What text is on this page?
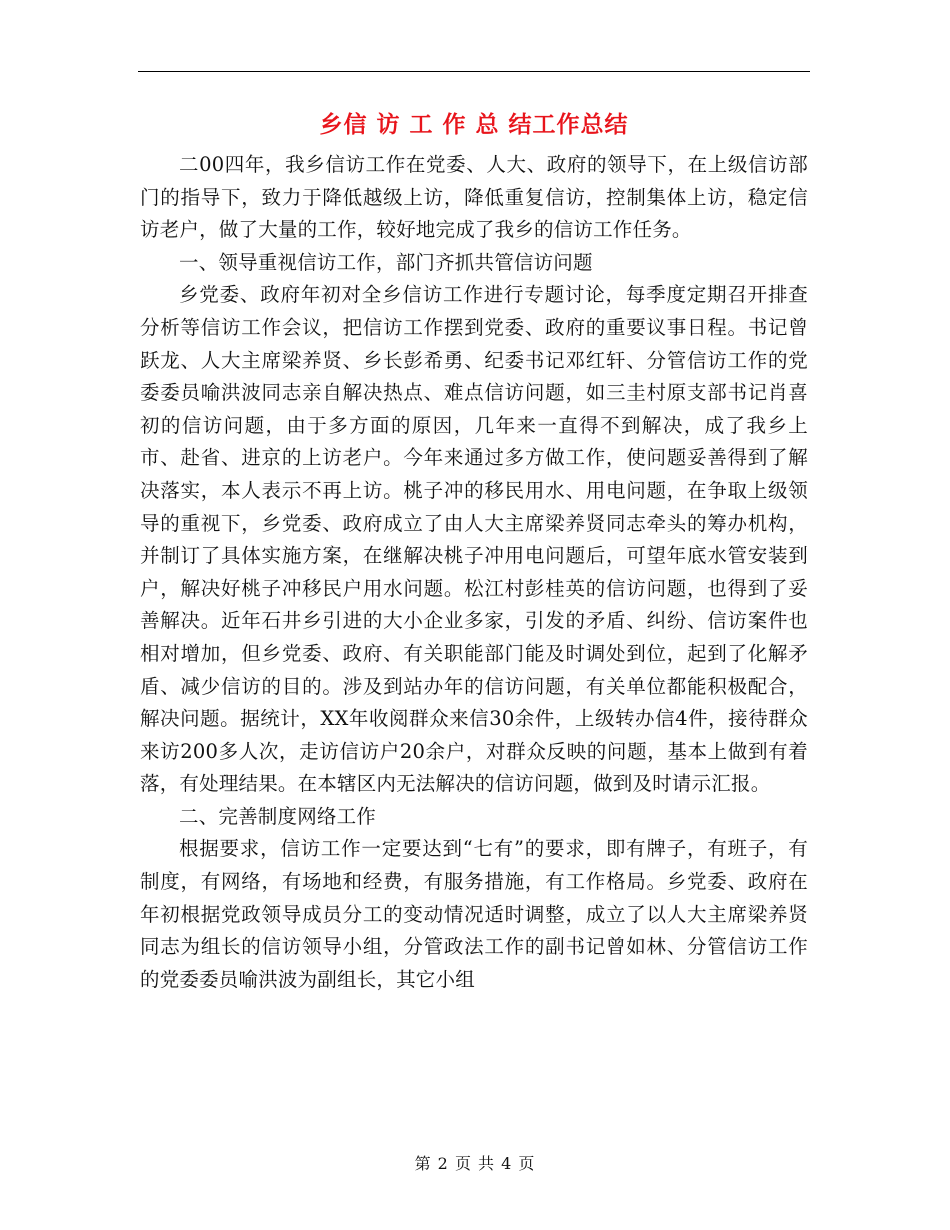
乡信 访 工 作 总 结工作总结

二00四年，我乡信访工作在党委、人大、政府的领导下，在上级信访部门的指导下，致力于降低越级上访，降低重复信访，控制集体上访，稳定信访老户，做了大量的工作，较好地完成了我乡的信访工作任务。

一、领导重视信访工作，部门齐抓共管信访问题

乡党委、政府年初对全乡信访工作进行专题讨论，每季度定期召开排查分析等信访工作会议，把信访工作摆到党委、政府的重要议事日程。书记曾跃龙、人大主席梁养贤、乡长彭希勇、纪委书记邓红轩、分管信访工作的党委委员喻洪波同志亲自解决热点、难点信访问题，如三圭村原支部书记肖喜初的信访问题，由于多方面的原因，几年来一直得不到解决，成了我乡上市、赴省、进京的上访老户。今年来通过多方做工作，使问题妥善得到了解决落实，本人表示不再上访。桃子冲的移民用水、用电问题，在争取上级领导的重视下，乡党委、政府成立了由人大主席梁养贤同志牵头的筹办机构，并制订了具体实施方案，在继解决桃子冲用电问题后，可望年底水管安装到户，解决好桃子冲移民户用水问题。松江村彭桂英的信访问题，也得到了妥善解决。近年石井乡引进的大小企业多家，引发的矛盾、纠纷、信访案件也相对增加，但乡党委、政府、有关职能部门能及时调处到位，起到了化解矛盾、减少信访的目的。涉及到站办年的信访问题，有关单位都能积极配合，解决问题。据统计，XX年收阅群众来信30余件，上级转办信4件，接待群众来访200多人次，走访信访户20余户，对群众反映的问题，基本上做到有着落，有处理结果。在本辖区内无法解决的信访问题，做到及时请示汇报。

二、完善制度网络工作

根据要求，信访工作一定要达到“七有”的要求，即有牌子，有班子，有制度，有网络，有场地和经费，有服务措施，有工作格局。乡党委、政府在年初根据党政领导成员分工的变动情况适时调整，成立了以人大主席梁养贤同志为组长的信访领导小组，分管政法工作的副书记曾如林、分管信访工作的党委委员喻洪波为副组长，其它小组

第 2 页 共 4 页
